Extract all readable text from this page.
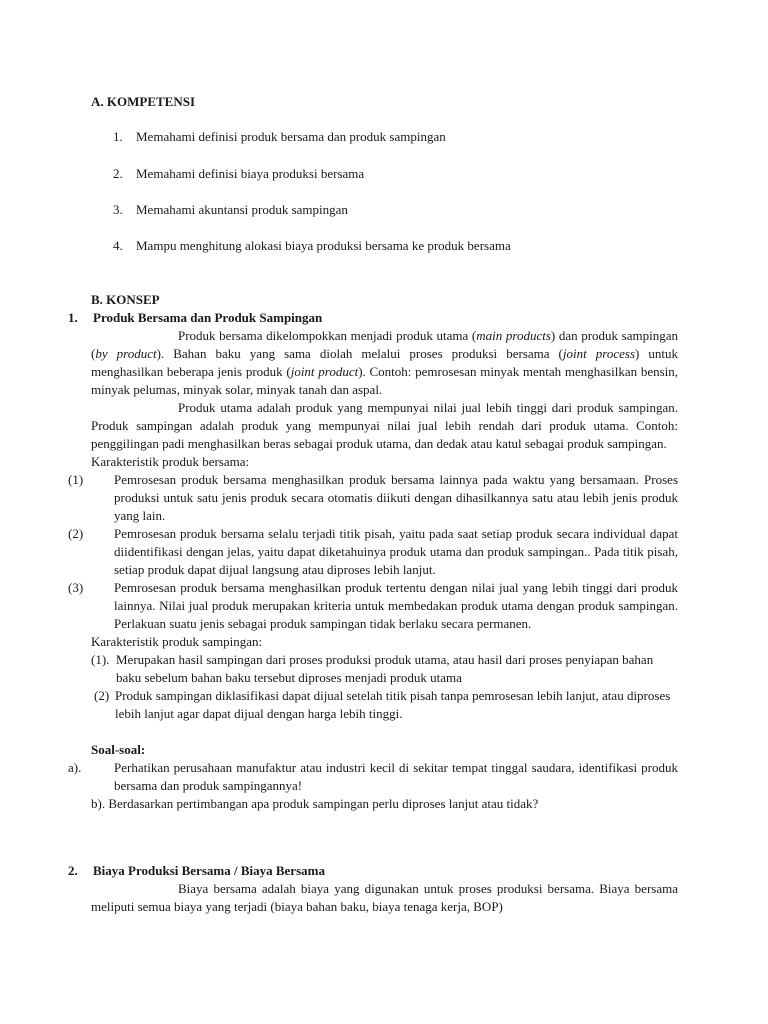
A. KOMPETENSI
1. Memahami definisi produk bersama dan produk sampingan
2. Memahami definisi biaya produksi bersama
3. Memahami akuntansi produk sampingan
4. Mampu menghitung alokasi biaya produksi bersama ke produk bersama
B. KONSEP
1. Produk Bersama dan Produk Sampingan

Produk bersama dikelompokkan menjadi produk utama (main products) dan produk sampingan (by product). Bahan baku yang sama diolah melalui proses produksi bersama (joint process) untuk menghasilkan beberapa jenis produk (joint product). Contoh: pemrosesan minyak mentah menghasilkan bensin, minyak pelumas, minyak solar, minyak tanah dan aspal.

Produk utama adalah produk yang mempunyai nilai jual lebih tinggi dari produk sampingan. Produk sampingan adalah produk yang mempunyai nilai jual lebih rendah dari produk utama. Contoh: penggilingan padi menghasilkan beras sebagai produk utama, dan dedak atau katul sebagai produk sampingan.

Karakteristik produk bersama:

(1) Pemrosesan produk bersama menghasilkan produk bersama lainnya pada waktu yang bersamaan. Proses produksi untuk satu jenis produk secara otomatis diikuti dengan dihasilkannya satu atau lebih jenis produk yang lain.
(2) Pemrosesan produk bersama selalu terjadi titik pisah, yaitu pada saat setiap produk secara individual dapat diidentifikasi dengan jelas, yaitu dapat diketahuinya produk utama dan produk sampingan.. Pada titik pisah, setiap produk dapat dijual langsung atau diproses lebih lanjut.
(3) Pemrosesan produk bersama menghasilkan produk tertentu dengan nilai jual yang lebih tinggi dari produk lainnya. Nilai jual produk merupakan kriteria untuk membedakan produk utama dengan produk sampingan. Perlakuan suatu jenis sebagai produk sampingan tidak berlaku secara permanen.

Karakteristik produk sampingan:

(1). Merupakan hasil sampingan dari proses produksi produk utama, atau hasil dari proses penyiapan bahan baku sebelum bahan baku tersebut diproses menjadi produk utama
(2) Produk sampingan diklasifikasi dapat dijual setelah titik pisah tanpa pemrosesan lebih lanjut, atau diproses lebih lanjut agar dapat dijual dengan harga lebih tinggi.

Soal-soal:

a).	Perhatikan perusahaan manufaktur atau industri kecil di sekitar tempat tinggal saudara, identifikasi produk bersama dan produk sampingannya!

b). Berdasarkan pertimbangan apa produk sampingan perlu diproses lanjut atau tidak?

2. Biaya Produksi Bersama / Biaya Bersama

Biaya bersama adalah biaya yang digunakan untuk proses produksi bersama. Biaya bersama meliputi semua biaya yang terjadi (biaya bahan baku, biaya tenaga kerja, BOP)
